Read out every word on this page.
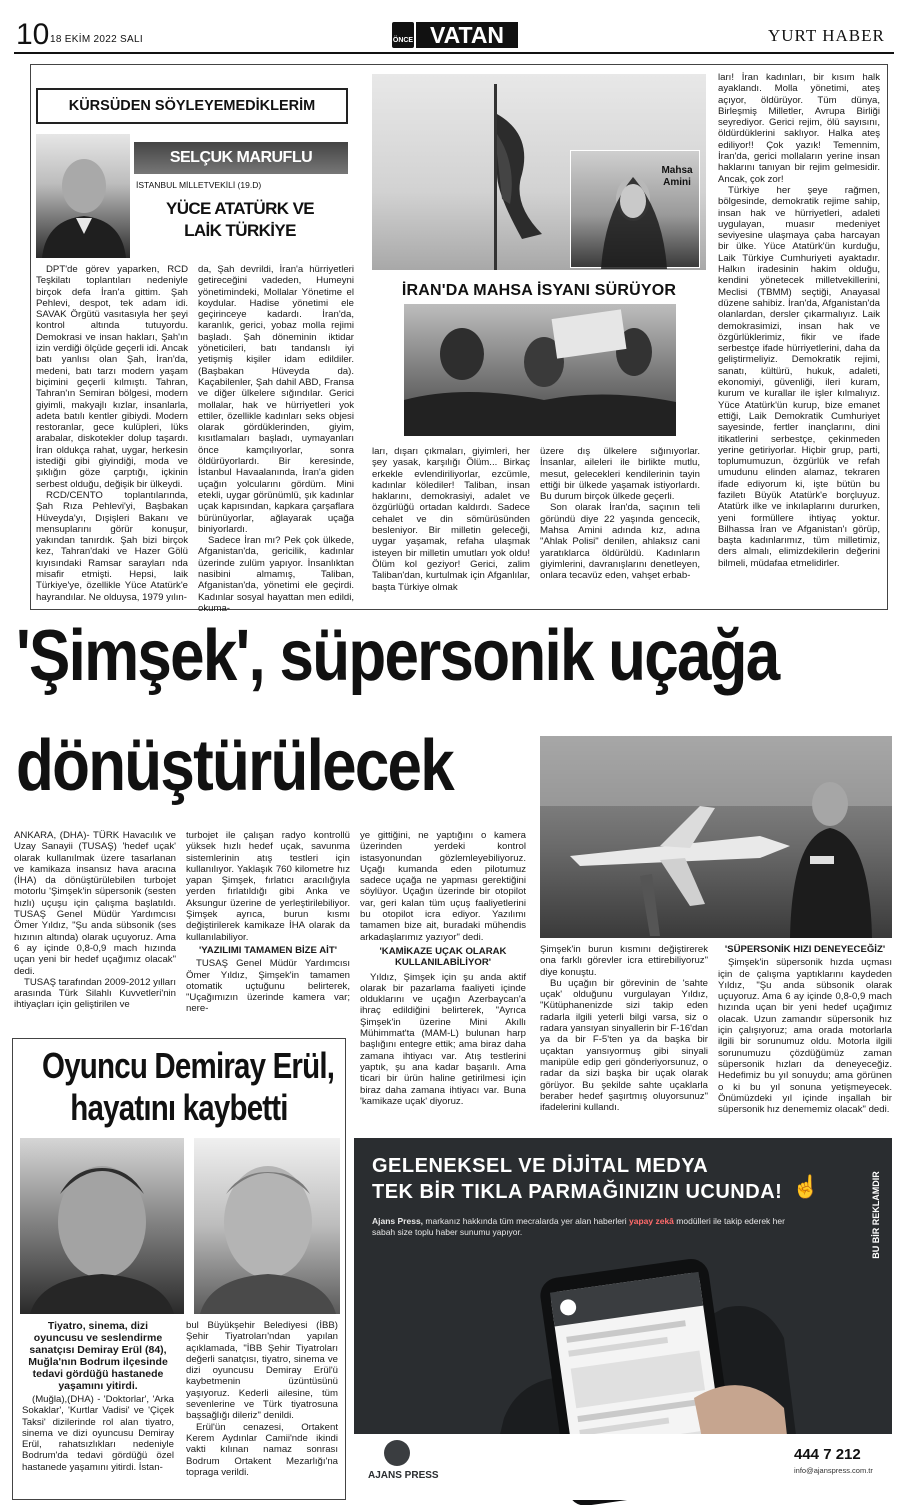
10 18 EKİM 2022 SALI	ÖNCE VATAN	YURT HABER
KÜRSÜDEN SÖYLEYEMEDİKLERİM
SELÇUK MARUFLU
İSTANBUL MİLLETVEKİLİ (19.D)
YÜCE ATATÜRK VE LAİK TÜRKİYE
Mahsa Amini
İRAN'DA MAHSA İSYANI SÜRÜYOR

DPT'de görev yaparken, RCD Teşkilatı toplantıları nedeniyle birçok defa İran'a gittim. Şah Pehlevi, despot, tek adam idi. SAVAK Örgütü vasıtasıyla her şeyi kontrol altında tutuyordu. Demokrasi ve insan hakları, Şah'ın izin verdiği ölçüde geçerli idi. Ancak batı yanlısı olan Şah, İran'da, medeni, batı tarzı modern yaşam biçimini geçerli kılmıştı. Tahran, Tahran'ın Semiran bölgesi, modern giyimli, makyajlı kızlar, insanlarla, adeta batılı kentler gibiydi. Modern restoranlar, gece kulüpleri, lüks arabalar, diskotekler dolup taşardı. İran oldukça rahat, uygar, herkesin istediği gibi giyindiği, moda ve şıklığın göze çarptığı, içkinin serbest olduğu, değişik bir ülkeydi.

RCD/CENTO toplantılarında, Şah Rıza Pehlevi'yi, Başbakan Hüveyda'yı, Dışişleri Bakanı ve mensuplarını görür konuşur, yakından tanırdık. Şah bizi birçok kez, Tahran'daki ve Hazer Gölü kıyısındaki Ramsar sarayları nda misafir etmişti. Hepsi, laik Türkiye'ye, özellikle Yüce Atatürk'e hayrandılar. Ne olduysa, 1979 yılın-

da, Şah devrildi, İran'a hürriyetleri getireceğini vadeden, Humeyni yönetimindeki, Mollalar Yönetime el koydular. Hadise yönetimi ele geçirinceye kadardı. İran'da, karanlık, gerici, yobaz molla rejimi başladı. Şah döneminin iktidar yöneticileri, batı tandanslı iyi yetişmiş kişiler idam edildiler. (Başbakan Hüveyda da). Kaçabilenler, Şah dahil ABD, Fransa ve diğer ülkelere sığındılar. Gerici mollalar, hak ve hürriyetleri yok ettiler, özellikle kadınları seks objesi olarak gördüklerinden, giyim, kısıtlamaları başladı, uymayanları önce kamçılıyorlar, sonra öldürüyorlardı. Bir keresinde, İstanbul Havaalanında, İran'a giden uçağın yolcularını gördüm. Mini etekli, uygar görünümlü, şık kadınlar uçak kapısından, kapkara çarşaflara bürünüyorlar, ağlayarak uçağa biniyorlardı.

Sadece İran mı? Pek çok ülkede, Afganistan'da, gericilik, kadınlar üzerinde zulüm yapıyor. İnsanlıktan nasibini almamış, Taliban, Afganistan'da, yönetimi ele geçirdi. Kadınlar sosyal hayattan men edildi, okuma-

ları, dışarı çıkmaları, giyimleri, her şey yasak, karşılığı Ölüm... Birkaç erkekle evlendiriliyorlar, ezcümle, kadınlar kölediler! Taliban, insan haklarını, demokrasiyi, adalet ve özgürlüğü ortadan kaldırdı. Sadece cehalet ve din sömürüsünden besleniyor. Bir milletin geleceği, uygar yaşamak, refaha ulaşmak isteyen bir milletin umutları yok oldu! Ölüm kol geziyor! Gerici, zalim Taliban'dan, kurtulmak için Afganlılar, başta Türkiye olmak

üzere dış ülkelere sığınıyorlar. İnsanlar, aileleri ile birlikte mutlu, mesut, gelecekleri kendilerinin tayin ettiği bir ülkede yaşamak istiyorlardı. Bu durum birçok ülkede geçerli.

Son olarak İran'da, saçının teli göründü diye 22 yaşında gencecik, Mahsa Amini adında kız, adına "Ahlak Polisi" denilen, ahlaksız cani yaratıklarca öldürüldü. Kadınların giyimlerini, davranışlarını denetleyen, onlara tecavüz eden, vahşet erbab-

ları! İran kadınları, bir kısım halk ayaklandı. Molla yönetimi, ateş açıyor, öldürüyor. Tüm dünya, Birleşmiş Milletler, Avrupa Birliği seyrediyor. Gerici rejim, ölü sayısını, öldürdüklerini saklıyor. Halka ateş ediliyor!! Çok yazık! Temennim, İran'da, gerici mollaların yerine insan haklarını tanıyan bir rejim gelmesidir. Ancak, çok zor!

Türkiye her şeye rağmen, bölgesinde, demokratik rejime sahip, insan hak ve hürriyetleri, adaleti uygulayan, muasır medeniyet seviyesine ulaşmaya çaba harcayan bir ülke. Yüce Atatürk'ün kurduğu, Laik Türkiye Cumhuriyeti ayaktadır. Halkın iradesinin hakim olduğu, kendini yönetecek milletvekillerini, Meclisi (TBMM) seçtiği, Anayasal düzene sahibiz. İran'da, Afganistan'da olanlardan, dersler çıkarmalıyız. Laik demokrasimizi, insan hak ve özgürlüklerimiz, fikir ve ifade serbestçe ifade hürriyetlerini, daha da geliştirmeliyiz. Demokratik rejimi, sanatı, kültürü, hukuk, adaleti, ekonomiyi, güvenliği, ileri kuram, kurum ve kurallar ile işler kılmalıyız. Yüce Atatürk'ün kurup, bize emanet ettiği, Laik Demokratik Cumhuriyet sayesinde, fertler inançlarını, dini itikatlerini serbestçe, çekinmeden yerine getiriyorlar. Hiçbir grup, parti, toplumumuzun, özgürlük ve refah umudunu elinden alamaz, tekraren ifade ediyorum ki, işte bütün bu faziletı Büyük Atatürk'e borçluyuz. Atatürk ilke ve inkılaplarını dururken, yeni formüllere ihtiyaç yoktur. Bilhassa İran ve Afganistan'ı görüp, başta kadınlarımız, tüm milletimiz, ders almalı, elimizdekilerin değerini bilmeli, müdafaa etmelidirler.

'Şimşek', süpersonik uçağa
dönüştürülecek

ANKARA, (DHA)- TÜRK Havacılık ve Uzay Sanayii (TUSAŞ) 'hedef uçak' olarak kullanılmak üzere tasarlanan ve kamikaza insansız hava aracına (İHA) da dönüştürülebilen turbojet motorlu 'Şimşek'in süpersonik (sesten hızlı) uçuşu için çalışma başlatıldı. TUSAŞ Genel Müdür Yardımcısı Ömer Yıldız, "Şu anda sübsonik (ses hızının altında) olarak uçuyoruz. Ama 6 ay içinde 0,8-0,9 mach hızında uçan yeni bir hedef uçağımız olacak" dedi.

TUSAŞ tarafından 2009-2012 yılları arasında Türk Silahlı Kuvvetleri'nin ihtiyaçları için geliştirilen ve

turbojet ile çalışan radyo kontrollü yüksek hızlı hedef uçak, savunma sistemlerinin atış testleri için kullanılıyor. Yaklaşık 760 kilometre hız yapan Şimşek, fırlatıcı aracılığıyla yerden fırlatıldığı gibi Anka ve Aksungur üzerine de yerleştirilebiliyor. Şimşek ayrıca, burun kısmı değiştirilerek kamikaze İHA olarak da kullanılabiliyor.

'YAZILIMI TAMAMEN BİZE AİT'

TUSAŞ Genel Müdür Yardımcısı Ömer Yıldız, Şimşek'in tamamen otomatik uçtuğunu belirterek, "Uçağımızın üzerinde kamera var; nere-

ye gittiğini, ne yaptığını o kamera üzerinden yerdeki kontrol istasyonundan gözlemleyebiliyoruz. Uçağı kumanda eden pilotumuz sadece uçağa ne yapması gerektiğini söylüyor. Uçağın üzerinde bir otopilot var, geri kalan tüm uçuş faaliyetlerini bu otopilot icra ediyor. Yazılımı tamamen bize ait, buradaki mühendis arkadaşlarımız yazıyor" dedi.

'KAMİKAZE UÇAK OLARAK KULLANILABİLİYOR'

Yıldız, Şimşek için şu anda aktif olarak bir pazarlama faaliyeti içinde olduklarını ve uçağın Azerbaycan'a ihraç edildiğini belirterek, "Ayrıca Şimşek'in üzerine Mini Akıllı Mühimmat'ta (MAM-L) bulunan harp başlığını entegre ettik; ama biraz daha zamana ihtiyacı var. Atış testlerini yaptık, şu ana kadar başarılı. Ama ticari bir ürün haline getirilmesi için biraz daha zamana ihtiyacı var. Buna 'kamikaze uçak' diyoruz.

Şimşek'in burun kısmını değiştirerek ona farklı görevler icra ettirebiliyoruz" diye konuştu.

Bu uçağın bir görevinin de 'sahte uçak' olduğunu vurgulayan Yıldız, "Kütüphanenizde sizi takip eden radarla ilgili yeterli bilgi varsa, siz o radara yansıyan sinyallerin bir F-16'dan ya da bir F-5'ten ya da başka bir uçaktan yansıyormuş gibi sinyali manipüle edip geri gönderiyorsunuz, o radar da sizi başka bir uçak olarak görüyor. Bu şekilde sahte uçaklarla beraber hedef şaşırtmış oluyorsunuz" ifadelerini kullandı.

'SÜPERSONİK HIZI DENEYECEĞİZ'

Şimşek'in süpersonik hızda uçması için de çalışma yaptıklarını kaydeden Yıldız, "Şu anda sübsonik olarak uçuyoruz. Ama 6 ay içinde 0,8-0,9 mach hızında uçan bir yeni hedef uçağımız olacak. Uzun zamandır süpersonik hız için çalışıyoruz; ama orada motorlarla ilgili bir sorunumuz oldu. Motorla ilgili sorunumuzu çözdüğümüz zaman süpersonik hızları da deneyeceğiz. Hedefimiz bu yıl sonuydu; ama görünen o ki bu yıl sonuna yetişmeyecek. Önümüzdeki yıl içinde inşallah bir süpersonik hız denememiz olacak" dedi.

Oyuncu Demiray Erül,
hayatını kaybetti

Tiyatro, sinema, dizi oyuncusu ve seslendirme sanatçısı Demiray Erül (84), Muğla'nın Bodrum ilçesinde tedavi gördüğü hastanede yaşamını yitirdi.

(Muğla),(DHA) - 'Doktorlar', 'Arka Sokaklar', 'Kurtlar Vadisi' ve 'Çiçek Taksi' dizilerinde rol alan tiyatro, sinema ve dizi oyuncusu Demiray Erül, rahatsızlıkları nedeniyle Bodrum'da tedavi gördüğü özel hastanede yaşamını yitirdi. İstan-

bul Büyükşehir Belediyesi (İBB) Şehir Tiyatroları'ndan yapılan açıklamada, "İBB Şehir Tiyatroları değerli sanatçısı, tiyatro, sinema ve dizi oyuncusu Demiray Erül'ü kaybetmenin üzüntüsünü yaşıyoruz. Kederli ailesine, tüm sevenlerine ve Türk tiyatrosuna başsağlığı dileriz" denildi.

Erül'ün cenazesi, Ortakent Kerem Aydınlar Camii'nde ikindi vakti kılınan namaz sonrası Bodrum Ortakent Mezarlığı'na topraga verildi.

GELENEKSEL VE DİJİTAL MEDYA
TEK BİR TIKLA PARMAĞINIZIN UCUNDA! ☝
Ajans Press, markanız hakkında tüm mecralarda yer alan haberleri yapay zekâ modülleri ile takip ederek her sabah size toplu haber sunumu yapıyor.	BU BİR REKLAMDIR
AJANS PRESS
444 7 212
info@ajanspress.com.tr
